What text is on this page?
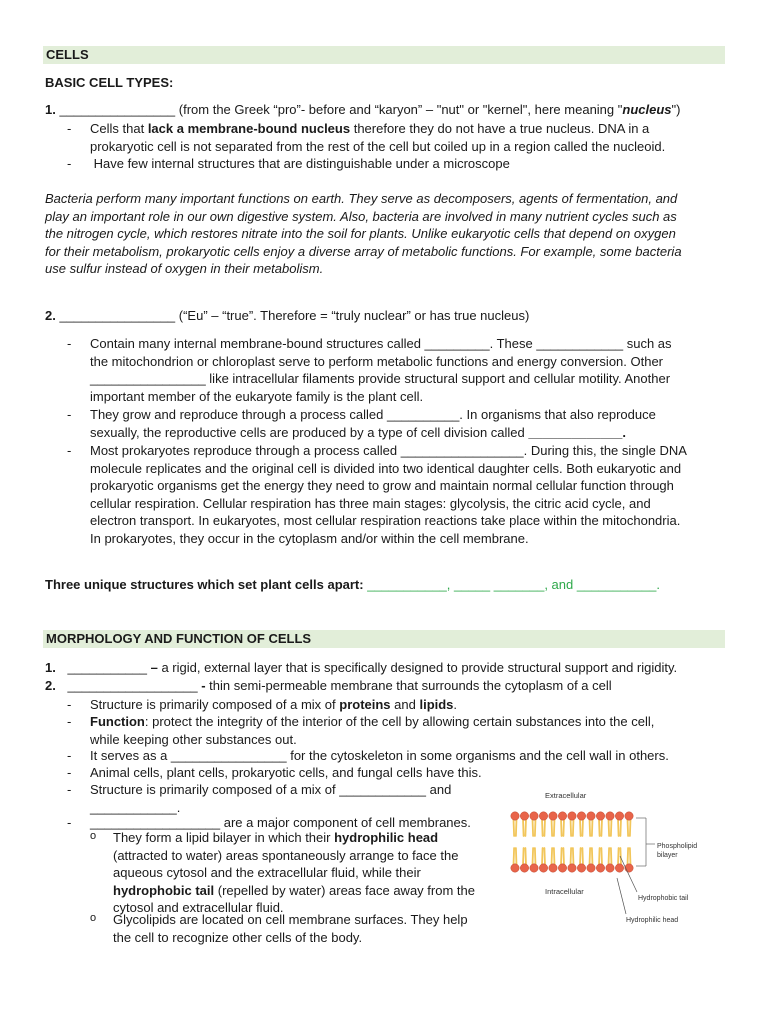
CELLS
BASIC CELL TYPES:
1. ________________ (from the Greek “pro”- before and “karyon” – "nut" or "kernel", here meaning "nucleus")
-	Cells that lack a membrane-bound nucleus therefore they do not have a true nucleus. DNA in a
prokaryotic cell is not separated from the rest of the cell but coiled up in a region called the nucleoid.
-	Have few internal structures that are distinguishable under a microscope
Bacteria perform many important functions on earth. They serve as decomposers, agents of fermentation, and
play an important role in our own digestive system. Also, bacteria are involved in many nutrient cycles such as
the nitrogen cycle, which restores nitrate into the soil for plants. Unlike eukaryotic cells that depend on oxygen
for their metabolism, prokaryotic cells enjoy a diverse array of metabolic functions. For example, some bacteria
use sulfur instead of oxygen in their metabolism.
2. ________________ (“Eu” – “true”. Therefore = “truly nuclear” or has true nucleus)
-	Contain many internal membrane-bound structures called _________. These ____________ such as
the mitochondrion or chloroplast serve to perform metabolic functions and energy conversion. Other
________________ like intracellular filaments provide structural support and cellular motility. Another
important member of the eukaryote family is the plant cell.
-	They grow and reproduce through a process called __________. In organisms that also reproduce
sexually, the reproductive cells are produced by a type of cell division called _____________.
-	Most prokaryotes reproduce through a process called _________________. During this, the single DNA
molecule replicates and the original cell is divided into two identical daughter cells. Both eukaryotic and
prokaryotic organisms get the energy they need to grow and maintain normal cellular function through
cellular respiration. Cellular respiration has three main stages: glycolysis, the citric acid cycle, and
electron transport. In eukaryotes, most cellular respiration reactions take place within the mitochondria.
In prokaryotes, they occur in the cytoplasm and/or within the cell membrane.
Three unique structures which set plant cells apart: ___________, _____ _______, and ___________.
MORPHOLOGY AND FUNCTION OF CELLS
1. ___________ – a rigid, external layer that is specifically designed to provide structural support and rigidity.
2. __________________ - thin semi-permeable membrane that surrounds the cytoplasm of a cell
-	Structure is primarily composed of a mix of proteins and lipids.
-	Function: protect the integrity of the interior of the cell by allowing certain substances into the cell,
while keeping other substances out.
-	It serves as a ________________ for the cytoskeleton in some organisms and the cell wall in others.
-	Animal cells, plant cells, prokaryotic cells, and fungal cells have this.
-	Structure is primarily composed of a mix of ____________ and
____________.
-	__________________ are a major component of cell membranes.
o They form a lipid bilayer in which their hydrophilic head
(attracted to water) areas spontaneously arrange to face the
aqueous cytosol and the extracellular fluid, while their
hydrophobic tail (repelled by water) areas face away from the
cytosol and extracellular fluid.
o Glycolipids are located on cell membrane surfaces. They help
the cell to recognize other cells of the body.
Extracellular
Intracellular
Phospholipid
bilayer
Hydrophobic tail
Hydrophilic head
